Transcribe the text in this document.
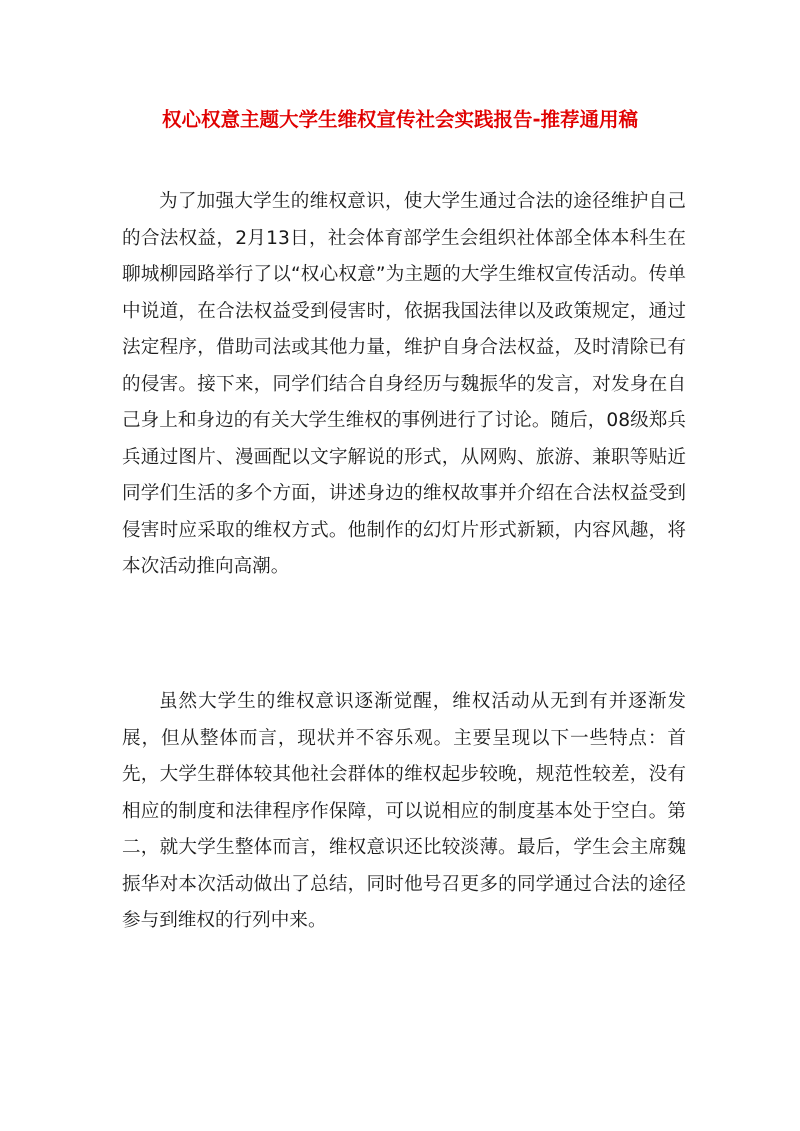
权心权意主题大学生维权宣传社会实践报告-推荐通用稿

为了加强大学生的维权意识，使大学生通过合法的途径维护自己的合法权益，2月13日，社会体育部学生会组织社体部全体本科生在聊城柳园路举行了以“权心权意”为主题的大学生维权宣传活动。传单中说道，在合法权益受到侵害时，依据我国法律以及政策规定，通过法定程序，借助司法或其他力量，维护自身合法权益，及时清除已有的侵害。接下来，同学们结合自身经历与魏振华的发言，对发身在自己身上和身边的有关大学生维权的事例进行了讨论。随后，08级郑兵兵通过图片、漫画配以文字解说的形式，从网购、旅游、兼职等贴近同学们生活的多个方面，讲述身边的维权故事并介绍在合法权益受到侵害时应采取的维权方式。他制作的幻灯片形式新颖，内容风趣，将本次活动推向高潮。

虽然大学生的维权意识逐渐觉醒，维权活动从无到有并逐渐发展，但从整体而言，现状并不容乐观。主要呈现以下一些特点：首先，大学生群体较其他社会群体的维权起步较晚，规范性较差，没有相应的制度和法律程序作保障，可以说相应的制度基本处于空白。第二，就大学生整体而言，维权意识还比较淡薄。最后，学生会主席魏振华对本次活动做出了总结，同时他号召更多的同学通过合法的途径参与到维权的行列中来。
